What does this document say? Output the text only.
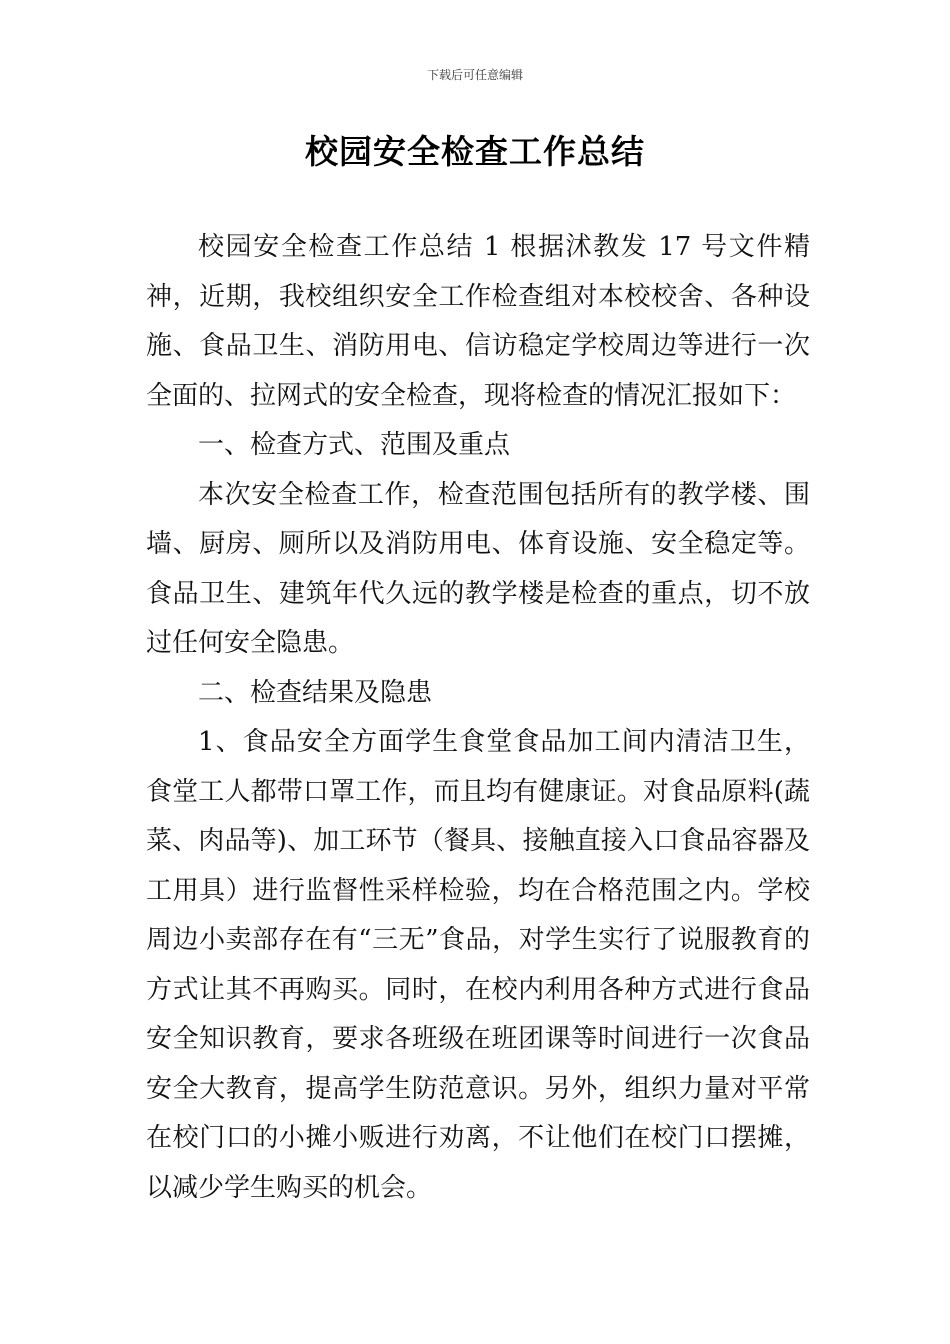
下载后可任意编辑
校园安全检查工作总结

校园安全检查工作总结 1 根据沭教发 17 号文件精神，近期，我校组织安全工作检查组对本校校舍、各种设施、食品卫生、消防用电、信访稳定学校周边等进行一次全面的、拉网式的安全检查，现将检查的情况汇报如下：

一、检查方式、范围及重点

本次安全检查工作，检查范围包括所有的教学楼、围墙、厨房、厕所以及消防用电、体育设施、安全稳定等。食品卫生、建筑年代久远的教学楼是检查的重点，切不放过任何安全隐患。

二、检查结果及隐患

1、食品安全方面学生食堂食品加工间内清洁卫生，食堂工人都带口罩工作，而且均有健康证。对食品原料(蔬菜、肉品等)、加工环节（餐具、接触直接入口食品容器及工用具）进行监督性采样检验，均在合格范围之内。学校周边小卖部存在有“三无”食品，对学生实行了说服教育的方式让其不再购买。同时，在校内利用各种方式进行食品安全知识教育，要求各班级在班团课等时间进行一次食品安全大教育，提高学生防范意识。另外，组织力量对平常在校门口的小摊小贩进行劝离，不让他们在校门口摆摊，以减少学生购买的机会。
